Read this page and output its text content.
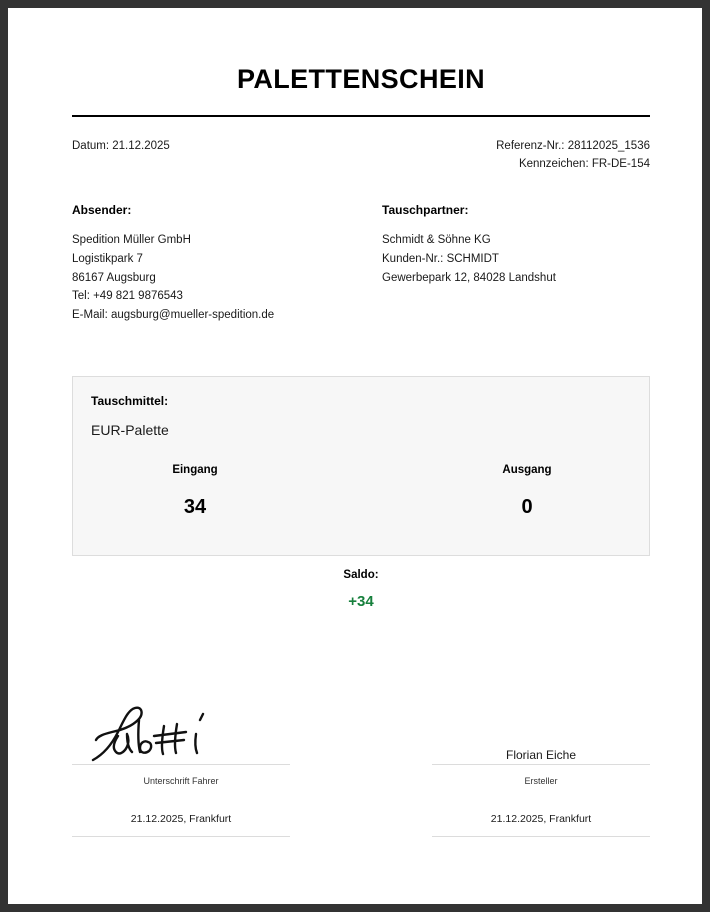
PALETTENSCHEIN
Datum: 21.12.2025	Referenz-Nr.: 28112025_1536
Kennzeichen: FR-DE-154
Absender:
Spedition Müller GmbH
Logistikpark 7
86167 Augsburg
Tel: +49 821 9876543
E-Mail: augsburg@mueller-spedition.de
Tauschpartner:
Schmidt & Söhne KG
Kunden-Nr.: SCHMIDT
Gewerbepark 12, 84028 Landshut
Tauschmittel:
EUR-Palette
Eingang
34
Ausgang
0
Saldo:
+34
Unterschrift Fahrer
21.12.2025, Frankfurt
Florian Eiche
Ersteller
21.12.2025, Frankfurt
